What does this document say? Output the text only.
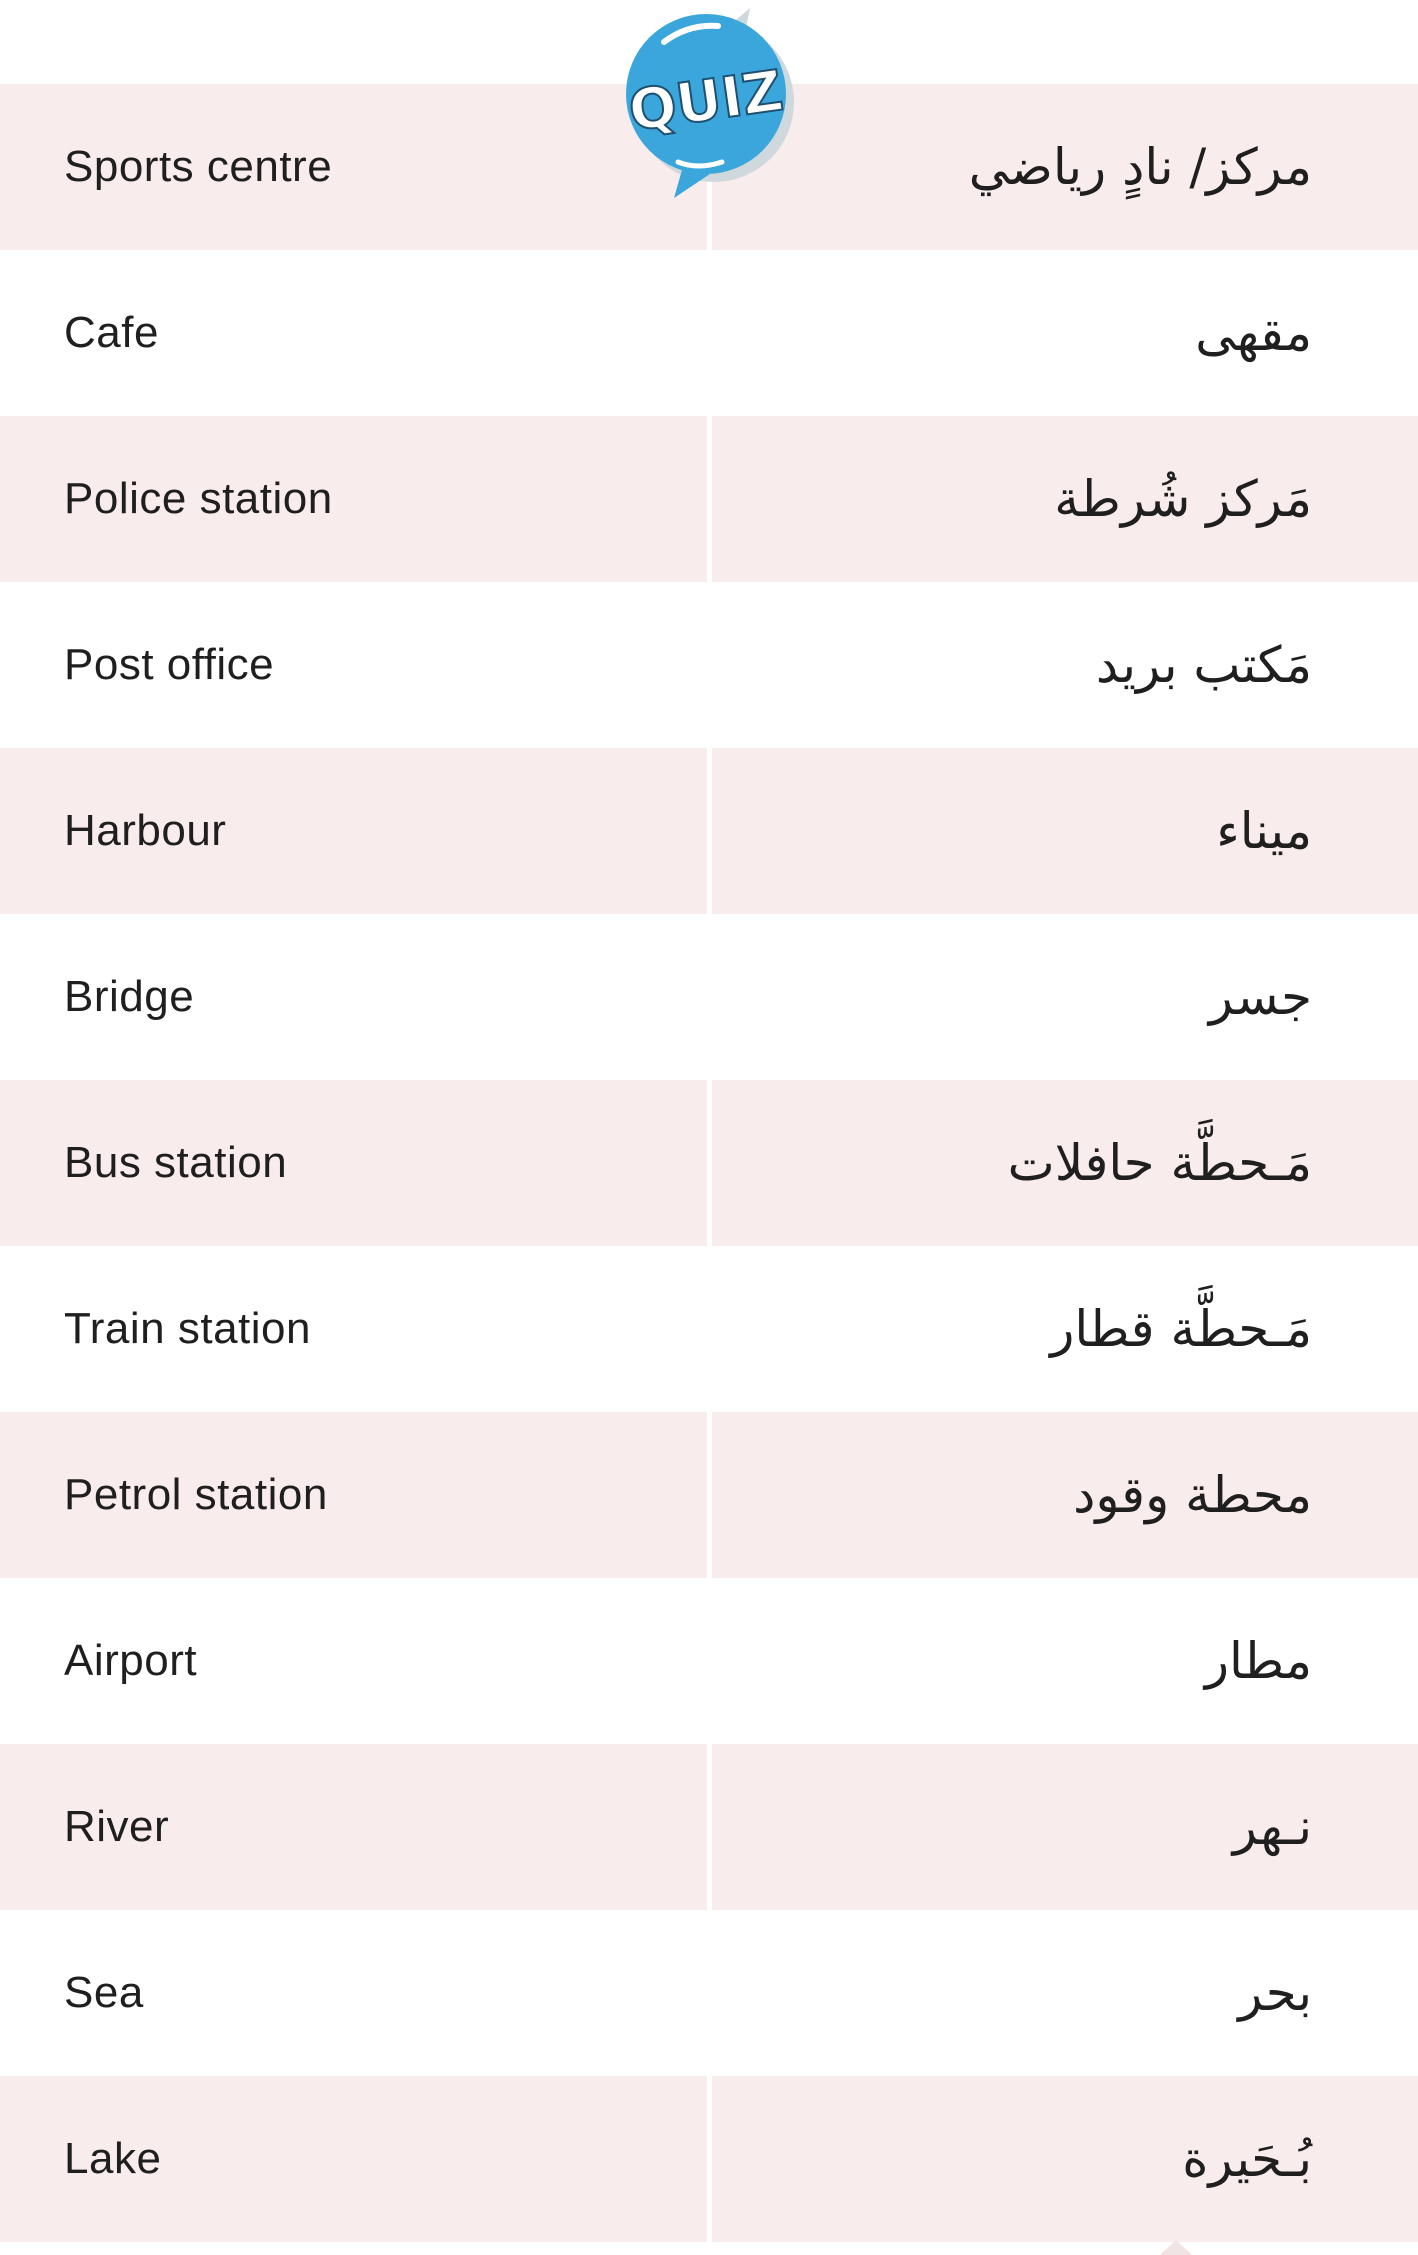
QUIZ
Sports centre	مركز/ نادٍ رياضي
Cafe	مقهى
Police station	مَركز شُرطة
Post office	مَكتب بريد
Harbour	ميناء
Bridge	جسر
Bus station	مَـحطَّة حافلات
Train station	مَـحطَّة قطار
Petrol station	محطة وقود
Airport	مطار
River	نـهر
Sea	بحر
Lake	بُـحَيرة
